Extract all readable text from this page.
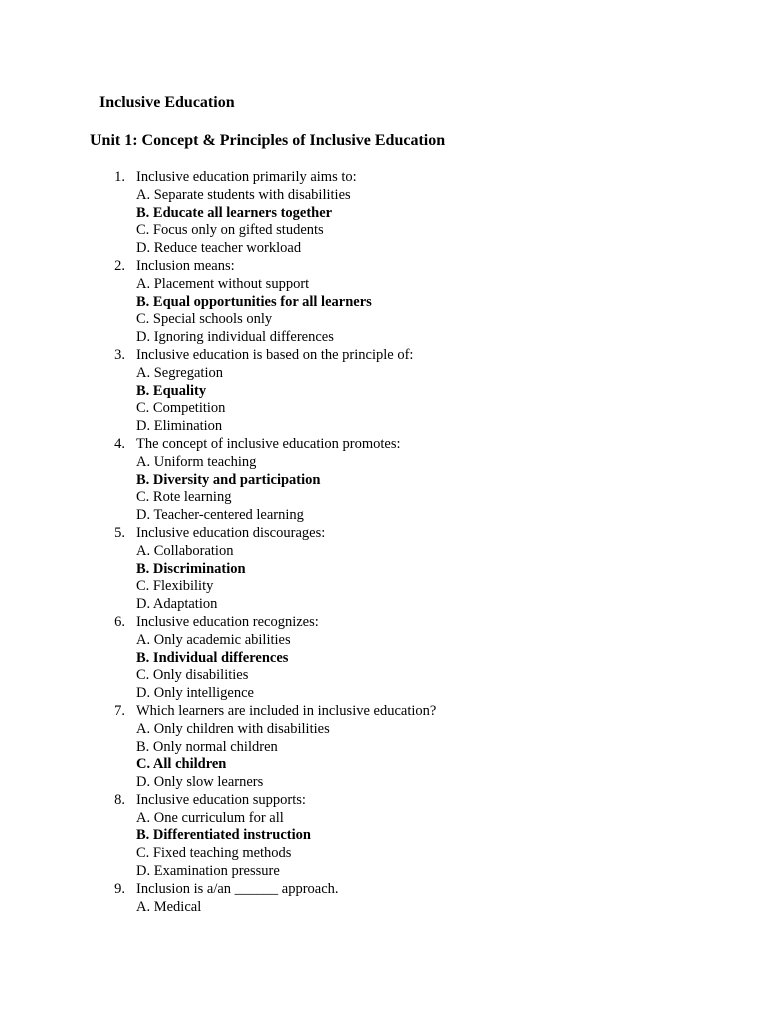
Inclusive Education
Unit 1: Concept & Principles of Inclusive Education
1. Inclusive education primarily aims to:
A. Separate students with disabilities
B. Educate all learners together
C. Focus only on gifted students
D. Reduce teacher workload
2. Inclusion means:
A. Placement without support
B. Equal opportunities for all learners
C. Special schools only
D. Ignoring individual differences
3. Inclusive education is based on the principle of:
A. Segregation
B. Equality
C. Competition
D. Elimination
4. The concept of inclusive education promotes:
A. Uniform teaching
B. Diversity and participation
C. Rote learning
D. Teacher-centered learning
5. Inclusive education discourages:
A. Collaboration
B. Discrimination
C. Flexibility
D. Adaptation
6. Inclusive education recognizes:
A. Only academic abilities
B. Individual differences
C. Only disabilities
D. Only intelligence
7. Which learners are included in inclusive education?
A. Only children with disabilities
B. Only normal children
C. All children
D. Only slow learners
8. Inclusive education supports:
A. One curriculum for all
B. Differentiated instruction
C. Fixed teaching methods
D. Examination pressure
9. Inclusion is a/an ______ approach.
A. Medical
